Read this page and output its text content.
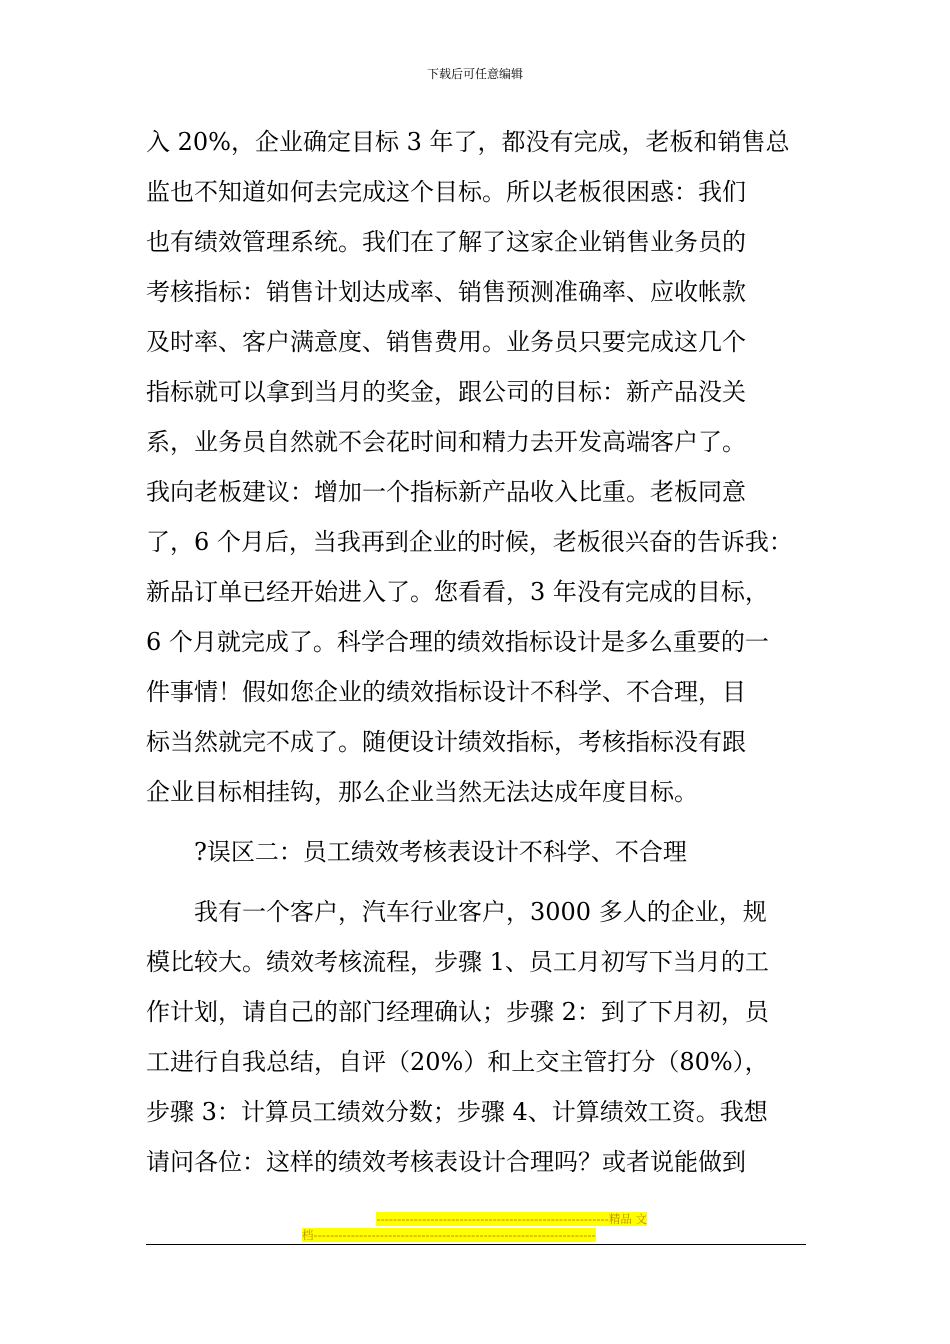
下载后可任意编辑
入 20%，企业确定目标 3 年了，都没有完成，老板和销售总
监也不知道如何去完成这个目标。所以老板很困惑：我们
也有绩效管理系统。我们在了解了这家企业销售业务员的
考核指标：销售计划达成率、销售预测准确率、应收帐款
及时率、客户满意度、销售费用。业务员只要完成这几个
指标就可以拿到当月的奖金，跟公司的目标：新产品没关
系，业务员自然就不会花时间和精力去开发高端客户了。
我向老板建议：增加一个指标新产品收入比重。老板同意
了，6 个月后，当我再到企业的时候，老板很兴奋的告诉我：
新品订单已经开始进入了。您看看，3 年没有完成的目标，
6 个月就完成了。科学合理的绩效指标设计是多么重要的一
件事情！假如您企业的绩效指标设计不科学、不合理，目
标当然就完不成了。随便设计绩效指标，考核指标没有跟
企业目标相挂钩，那么企业当然无法达成年度目标。
?误区二：员工绩效考核表设计不科学、不合理
我有一个客户，汽车行业客户，3000 多人的企业，规
模比较大。绩效考核流程，步骤 1、员工月初写下当月的工
作计划，请自己的部门经理确认；步骤 2：到了下月初，员
工进行自我总结，自评（20%）和上交主管打分（80%），
步骤 3：计算员工绩效分数；步骤 4、计算绩效工资。我想
请问各位：这样的绩效考核表设计合理吗？或者说能做到
--------------------------------------------------------精品 文
档--------------------------------------------------------------------
